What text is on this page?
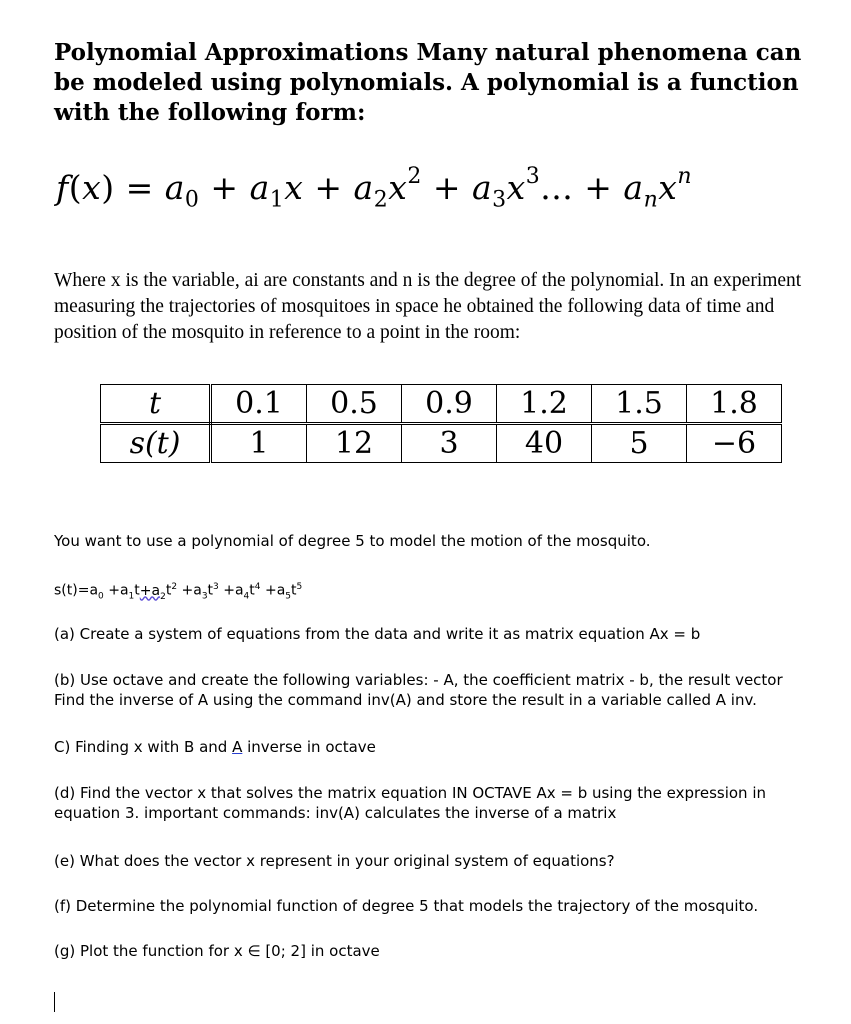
Polynomial Approximations Many natural phenomena can be modeled using polynomials. A polynomial is a function with the following form:
$f(x) = a_0 + a_1x + a_2x^2 + a_3x^3$... + $a_nx^n$
Where x is the variable, ai are constants and n is the degree of the polynomial. In an experiment measuring the trajectories of mosquitoes in space he obtained the following data of time and position of the mosquito in reference to a point in the room:
t	0.1	0.5	0.9	1.2	1.5	1.8
s(t)	1	12	3	40	5	−6
You want to use a polynomial of degree 5 to model the motion of the mosquito.
$s(t)=a_0 +a_1t+a_2t^2 +a_3t^3 +a_4t^4 +a_5t^5$
(a) Create a system of equations from the data and write it as matrix equation Ax = b
(b) Use octave and create the following variables: - A, the coefficient matrix - b, the result vector Find the inverse of A using the command inv(A) and store the result in a variable called A inv.
C) Finding x with B and A inverse in octave
(d) Find the vector x that solves the matrix equation IN OCTAVE Ax = b using the expression in equation 3. important commands: inv(A) calculates the inverse of a matrix
(e) What does the vector x represent in your original system of equations?
(f) Determine the polynomial function of degree 5 that models the trajectory of the mosquito.
(g) Plot the function for x ∈ [0; 2] in octave
